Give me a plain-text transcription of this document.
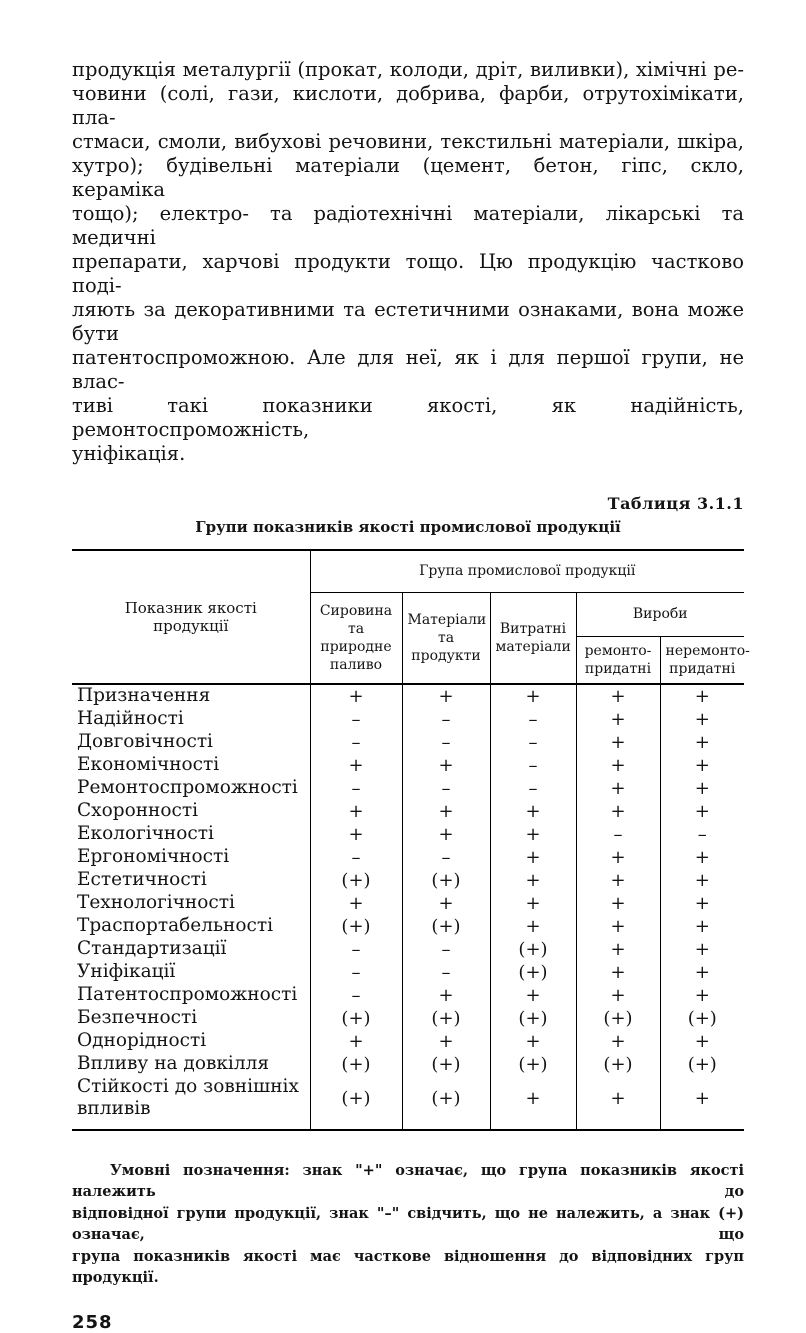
продукція металургії (прокат, колоди, дріт, виливки), хімічні ре-
човини (солі, гази, кислоти, добрива, фарби, отрутохімікати, пла-
стмаси, смоли, вибухові речовини, текстильні матеріали, шкіра,
хутро); будівельні матеріали (цемент, бетон, гіпс, скло, кераміка
тощо); електро- та радіотехнічні матеріали, лікарські та медичні
препарати, харчові продукти тощо. Цю продукцію частково поді-
ляють за декоративними та естетичними ознаками, вона може бути
патентоспроможною. Але для неї, як і для першої групи, не влас-
тиві такі показники якості, як надійність, ремонтоспроможність,
уніфікація.
Таблиця 3.1.1
Групи показників якості промислової продукції
Показник якості продукції	Група промислової продукції				
	Сировина та природне паливо	Матеріали та продукти	Витратні матеріали	Вироби	
				ремонто-придатні	неремонто-придатні
Призначення	+	+	+	+	+
Надійності	–	–	–	+	+
Довговічності	–	–	–	+	+
Економічності	+	+	–	+	+
Ремонтоспроможності	–	–	–	+	+
Схоронності	+	+	+	+	+
Екологічності	+	+	+	–	–
Ергономічності	–	–	+	+	+
Естетичності	(+)	(+)	+	+	+
Технологічності	+	+	+	+	+
Траспортабельності	(+)	(+)	+	+	+
Стандартизації	–	–	(+)	+	+
Уніфікації	–	–	(+)	+	+
Патентоспроможності	–	+	+	+	+
Безпечності	(+)	(+)	(+)	(+)	(+)
Однорідності	+	+	+	+	+
Впливу на довкілля	(+)	(+)	(+)	(+)	(+)
Стійкості до зовнішніх впливів	(+)	(+)	+	+	+

Умовні позначення: знак "+" означає, що група показників якості належить до
відповідної групи продукції, знак "–" свідчить, що не належить, а знак (+) означає, що
група показників якості має часткове відношення до відповідних груп продукції.
258
